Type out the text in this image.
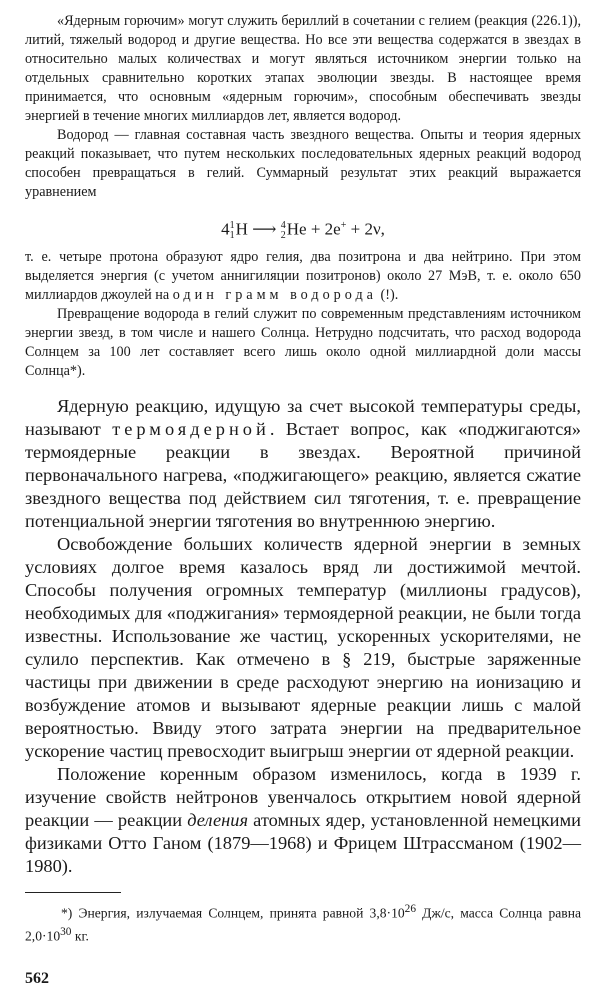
«Ядерным горючим» могут служить бериллий в сочетании с гелием (реакция (226.1)), литий, тяжелый водород и другие вещества. Но все эти вещества содержатся в звездах в относительно малых количествах и могут являться источником энергии только на отдельных сравнительно коротких этапах эволюции звезды. В настоящее время принимается, что основным «ядерным горючим», способным обеспечивать звезды энергией в течение многих миллиардов лет, является водород.

Водород — главная составная часть звездного вещества. Опыты и теория ядерных реакций показывает, что путем нескольких последовательных ядерных реакций водород способен превращаться в гелий. Суммарный результат этих реакций выражается уравнением

4 1
1 H ⟶ 4
2 He + 2e+ + 2ν,

т. е. четыре протона образуют ядро гелия, два позитрона и два нейтрино. При этом выделяется энергия (с учетом аннигиляции позитронов) около 27 МэВ, т. е. около 650 миллиардов джоулей на один грамм водорода (!).

Превращение водорода в гелий служит по современным представлениям источником энергии звезд, в том числе и нашего Солнца. Нетрудно подсчитать, что расход водорода Солнцем за 100 лет составляет всего лишь около одной миллиардной доли массы Солнца*).

Ядерную реакцию, идущую за счет высокой температуры среды, называют термоядерной. Встает вопрос, как «поджигаются» термоядерные реакции в звездах. Вероятной причиной первоначального нагрева, «поджигающего» реакцию, является сжатие звездного вещества под действием сил тяготения, т. е. превращение потенциальной энергии тяготения во внутреннюю энергию.

Освобождение больших количеств ядерной энергии в земных условиях долгое время казалось вряд ли достижимой мечтой. Способы получения огромных температур (миллионы градусов), необходимых для «поджигания» термоядерной реакции, не были тогда известны. Использование же частиц, ускоренных ускорителями, не сулило перспектив. Как отмечено в § 219, быстрые заряженные частицы при движении в среде расходуют энергию на ионизацию и возбуждение атомов и вызывают ядерные реакции лишь с малой вероятностью. Ввиду этого затрата энергии на предварительное ускорение частиц превосходит выигрыш энергии от ядерной реакции.

Положение коренным образом изменилось, когда в 1939 г. изучение свойств нейтронов увенчалось открытием новой ядерной реакции — реакции деления атомных ядер, установленной немецкими физиками Отто Ганом (1879—1968) и Фрицем Штрассманом (1902—1980).

*) Энергия, излучаемая Солнцем, принята равной $3,8\cdot 10^{26}$ Дж/с, масса Солнца равна $2,0\cdot 10^{30}$ кг.

562
